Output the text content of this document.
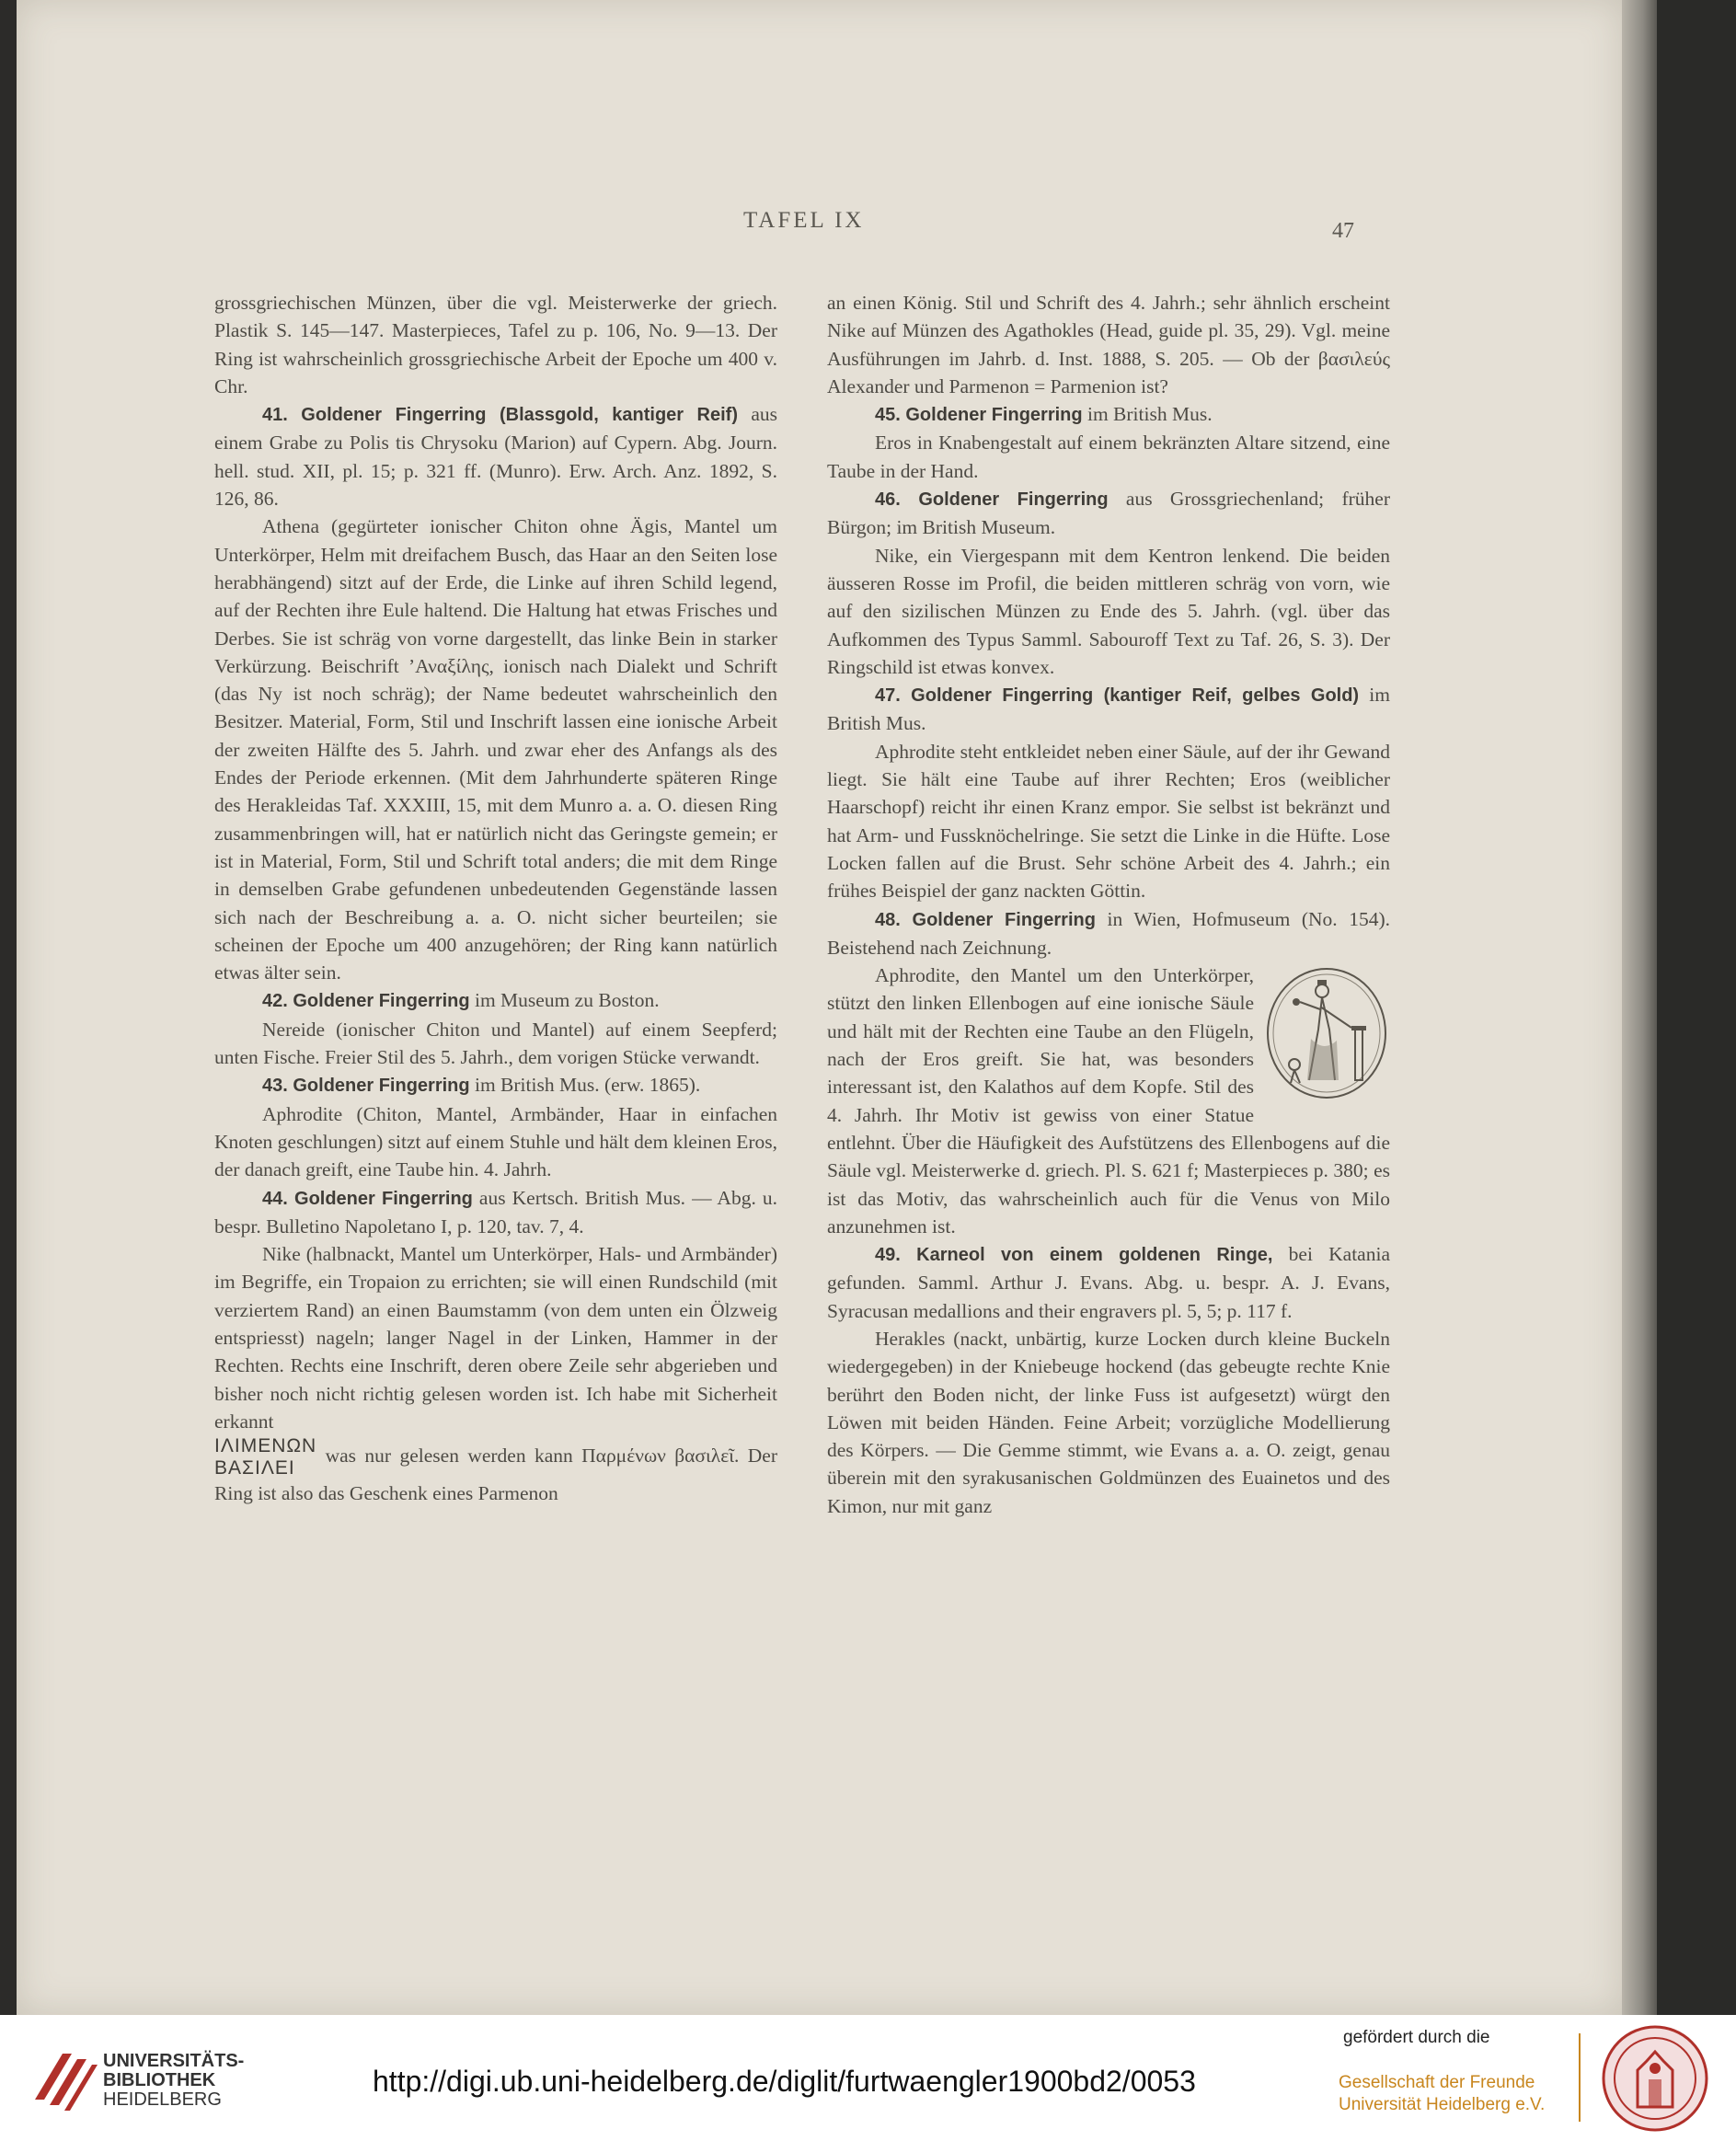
TAFEL IX	47

grossgriechischen Münzen, über die vgl. Meisterwerke der griech. Plastik S. 145—147. Masterpieces, Tafel zu p. 106, No. 9—13. Der Ring ist wahrscheinlich grossgriechische Arbeit der Epoche um 400 v. Chr.

41. Goldener Fingerring (Blassgold, kantiger Reif) aus einem Grabe zu Polis tis Chrysoku (Marion) auf Cypern. Abg. Journ. hell. stud. XII, pl. 15; p. 321 ff. (Munro). Erw. Arch. Anz. 1892, S. 126, 86.

Athena (gegürteter ionischer Chiton ohne Ägis, Mantel um Unterkörper, Helm mit dreifachem Busch, das Haar an den Seiten lose herabhängend) sitzt auf der Erde, die Linke auf ihren Schild legend, auf der Rechten ihre Eule haltend. Die Haltung hat etwas Frisches und Derbes. Sie ist schräg von vorne dargestellt, das linke Bein in starker Verkürzung. Beischrift ’Αναξίλης, ionisch nach Dialekt und Schrift (das Ny ist noch schräg); der Name bedeutet wahrscheinlich den Besitzer. Material, Form, Stil und Inschrift lassen eine ionische Arbeit der zweiten Hälfte des 5. Jahrh. und zwar eher des Anfangs als des Endes der Periode erkennen. (Mit dem Jahrhunderte späteren Ringe des Herakleidas Taf. XXXIII, 15, mit dem Munro a. a. O. diesen Ring zusammenbringen will, hat er natürlich nicht das Geringste gemein; er ist in Material, Form, Stil und Schrift total anders; die mit dem Ringe in demselben Grabe gefundenen unbedeutenden Gegenstände lassen sich nach der Beschreibung a. a. O. nicht sicher beurteilen; sie scheinen der Epoche um 400 anzugehören; der Ring kann natürlich etwas älter sein.

42. Goldener Fingerring im Museum zu Boston.

Nereide (ionischer Chiton und Mantel) auf einem Seepferd; unten Fische. Freier Stil des 5. Jahrh., dem vorigen Stücke verwandt.

43. Goldener Fingerring im British Mus. (erw. 1865).

Aphrodite (Chiton, Mantel, Armbänder, Haar in einfachen Knoten geschlungen) sitzt auf einem Stuhle und hält dem kleinen Eros, der danach greift, eine Taube hin. 4. Jahrh.

44. Goldener Fingerring aus Kertsch. British Mus. — Abg. u. bespr. Bulletino Napoletano I, p. 120, tav. 7, 4.

Nike (halbnackt, Mantel um Unterkörper, Hals- und Armbänder) im Begriffe, ein Tropaion zu errichten; sie will einen Rundschild (mit verziertem Rand) an einen Baumstamm (von dem unten ein Ölzweig entspriesst) nageln; langer Nagel in der Linken, Hammer in der Rechten. Rechts eine Inschrift, deren obere Zeile sehr abgerieben und bisher noch nicht richtig gelesen worden ist. Ich habe mit Sicherheit erkannt

ΙΛΙΜΕΝΩΝ
ΒΑΣΙΛΕΙ was nur gelesen werden kann Παρμένων βασιλεῖ. Der Ring ist also das Geschenk eines Parmenon

an einen König. Stil und Schrift des 4. Jahrh.; sehr ähnlich erscheint Nike auf Münzen des Agathokles (Head, guide pl. 35, 29). Vgl. meine Ausführungen im Jahrb. d. Inst. 1888, S. 205. — Ob der βασιλεύς Alexander und Parmenon = Parmenion ist?

45. Goldener Fingerring im British Mus.

Eros in Knabengestalt auf einem bekränzten Altare sitzend, eine Taube in der Hand.

46. Goldener Fingerring aus Grossgriechenland; früher Bürgon; im British Museum.

Nike, ein Viergespann mit dem Kentron lenkend. Die beiden äusseren Rosse im Profil, die beiden mittleren schräg von vorn, wie auf den sizilischen Münzen zu Ende des 5. Jahrh. (vgl. über das Aufkommen des Typus Samml. Sabouroff Text zu Taf. 26, S. 3). Der Ringschild ist etwas konvex.

47. Goldener Fingerring (kantiger Reif, gelbes Gold) im British Mus.

Aphrodite steht entkleidet neben einer Säule, auf der ihr Gewand liegt. Sie hält eine Taube auf ihrer Rechten; Eros (weiblicher Haarschopf) reicht ihr einen Kranz empor. Sie selbst ist bekränzt und hat Arm- und Fussknöchelringe. Sie setzt die Linke in die Hüfte. Lose Locken fallen auf die Brust. Sehr schöne Arbeit des 4. Jahrh.; ein frühes Beispiel der ganz nackten Göttin.

48. Goldener Fingerring in Wien, Hofmuseum (No. 154). Beistehend nach Zeichnung.

Aphrodite, den Mantel um den Unterkörper, stützt den linken Ellenbogen auf eine ionische Säule und hält mit der Rechten eine Taube an den Flügeln, nach der Eros greift. Sie hat, was besonders interessant ist, den Kalathos auf dem Kopfe. Stil des 4. Jahrh. Ihr Motiv ist gewiss von einer Statue entlehnt. Über die Häufigkeit des Aufstützens des Ellenbogens auf die Säule vgl. Meisterwerke d. griech. Pl. S. 621 f; Masterpieces p. 380; es ist das Motiv, das wahrscheinlich auch für die Venus von Milo anzunehmen ist.

49. Karneol von einem goldenen Ringe, bei Katania gefunden. Samml. Arthur J. Evans. Abg. u. bespr. A. J. Evans, Syracusan medallions and their engravers pl. 5, 5; p. 117 f.

Herakles (nackt, unbärtig, kurze Locken durch kleine Buckeln wiedergegeben) in der Kniebeuge hockend (das gebeugte rechte Knie berührt den Boden nicht, der linke Fuss ist aufgesetzt) würgt den Löwen mit beiden Händen. Feine Arbeit; vorzügliche Modellierung des Körpers. — Die Gemme stimmt, wie Evans a. a. O. zeigt, genau überein mit den syrakusanischen Goldmünzen des Euainetos und des Kimon, nur mit ganz

UNIVERSITÄTS-
BIBLIOTHEK
HEIDELBERG
http://digi.ub.uni-heidelberg.de/diglit/furtwaengler1900bd2/0053
gefördert durch die
Gesellschaft der Freunde
Universität Heidelberg e.V.
